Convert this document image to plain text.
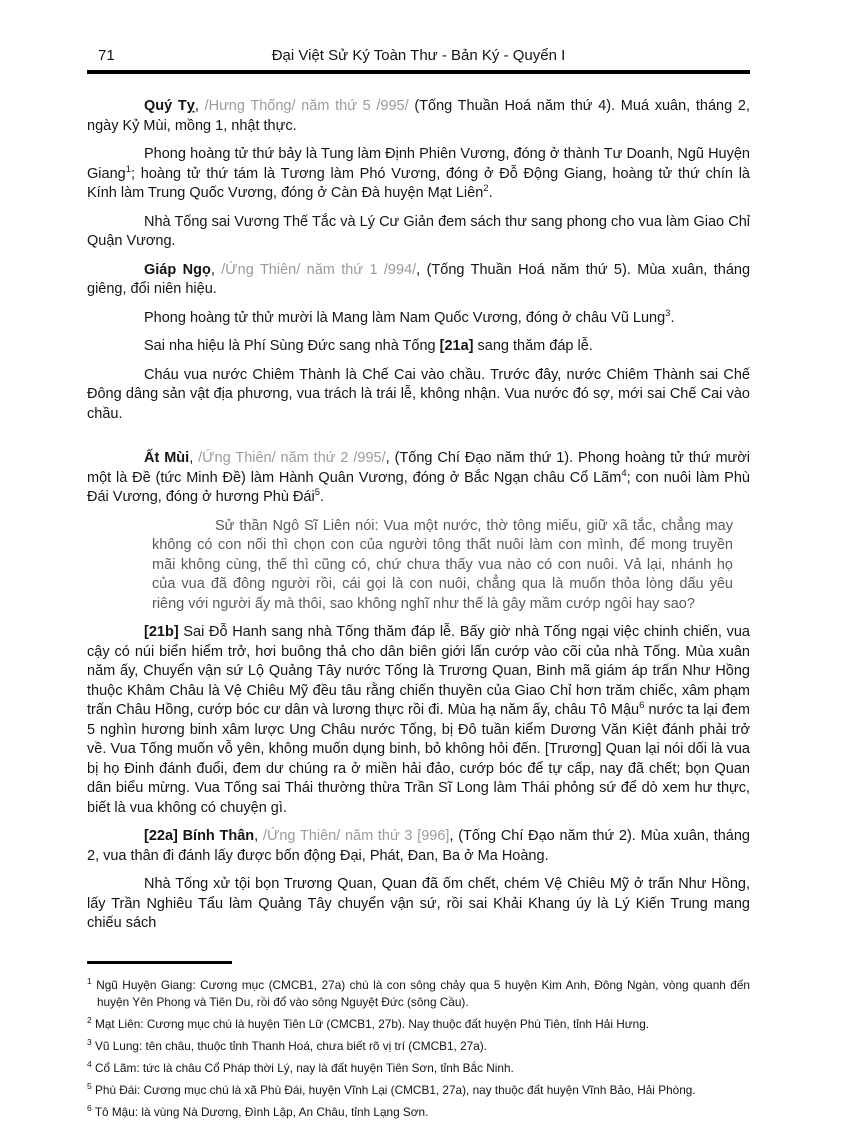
71	Đại Việt Sử Ký Toàn Thư - Bản Ký - Quyển I

Quý Tỵ, /Hưng Thống/ năm thứ 5 /995/ (Tống Thuần Hoá năm thứ 4). Muá xuân, tháng 2, ngày Kỷ Mùi, mồng 1, nhật thực.

Phong hoàng tử thứ bảy là Tung làm Định Phiên Vương, đóng ở thành Tư Doanh, Ngũ Huyện Giang$^1$; hoàng tử thứ tám là Tương làm Phó Vương, đóng ở Đỗ Động Giang, hoàng tử thứ chín là Kính làm Trung Quốc Vương, đóng ở Càn Đà huyện Mạt Liên$^2$.

Nhà Tống sai Vương Thế Tắc và Lý Cư Giản đem sách thư sang phong cho vua làm Giao Chỉ Quận Vương.

Giáp Ngọ, /Ứng Thiên/ năm thứ 1 /994/, (Tống Thuần Hoá năm thứ 5). Mùa xuân, tháng giêng, đổi niên hiệu.

Phong hoàng tử thử mười là Mang làm Nam Quốc Vương, đóng ở châu Vũ Lung$^3$.

Sai nha hiệu là Phí Sùng Đức sang nhà Tống [21a] sang thăm đáp lễ.

Cháu vua nước Chiêm Thành là Chế Cai vào chầu. Trước đây, nước Chiêm Thành sai Chế Đông dâng sản vật địa phương, vua trách là trái lễ, không nhận. Vua nước đó sợ, mới sai Chế Cai vào chầu.

Ất Mùi, /Ứng Thiên/ năm thứ 2 /995/, (Tống Chí Đạo năm thứ 1). Phong hoàng tử thứ mười một là Đề (tức Minh Đề) làm Hành Quân Vương, đóng ở Bắc Ngạn châu Cổ Lãm$^4$; con nuôi làm Phù Đái Vương, đóng ở hương Phù Đái$^5$.

Sử thần Ngô Sĩ Liên nói: Vua một nước, thờ tông miếu, giữ xã tắc, chẳng may không có con nối thì chọn con của người tông thất nuôi làm con mình, để mong truyền mãi không cùng, thế thì cũng có, chứ chưa thấy vua nào có con nuôi. Vả lại, nhánh họ của vua đã đông người rồi, cái gọi là con nuôi, chẳng qua là muốn thỏa lòng dấu yêu riêng với người ấy mà thôi, sao không nghĩ như thế là gây mầm cướp ngôi hay sao?

[21b] Sai Đỗ Hanh sang nhà Tống thăm đáp lễ. Bấy giờ nhà Tống ngại việc chinh chiến, vua cậy có núi biển hiểm trở, hơi buông thả cho dân biên giới lấn cướp vào cõi của nhà Tống. Mùa xuân năm ấy, Chuyển vận sứ Lộ Quảng Tây nước Tống là Trương Quan, Binh mã giám áp trấn Như Hồng thuộc Khâm Châu là Vệ Chiêu Mỹ đều tâu rằng chiến thuyền của Giao Chỉ hơn trăm chiếc, xâm phạm trấn Châu Hồng, cướp bóc cư dân và lương thực rồi đi. Mùa hạ năm ấy, châu Tô Mậu$^6$ nước ta lại đem 5 nghìn hương binh xâm lược Ung Châu nước Tống, bị Đô tuần kiểm Dương Văn Kiệt đánh phải trở về. Vua Tống muốn vỗ yên, không muốn dụng binh, bỏ không hỏi đến. [Trương] Quan lại nói dối là vua bị họ Đinh đánh đuổi, đem dư chúng ra ở miền hải đảo, cướp bóc để tự cấp, nay đã chết; bọn Quan dân biểu mừng. Vua Tống sai Thái thường thừa Trần Sĩ Long làm Thái phỏng sứ để dò xem hư thực, biết là vua không có chuyện gì.

[22a] Bính Thân, /Ứng Thiên/ năm thứ 3 [996], (Tống Chí Đạo năm thứ 2). Mùa xuân, tháng 2, vua thân đi đánh lấy được bốn động Đại, Phát, Đan, Ba ở Ma Hoàng.

Nhà Tống xử tội bọn Trương Quan, Quan đã ốm chết, chém Vệ Chiêu Mỹ ở trấn Như Hồng, lấy Trần Nghiêu Tẩu làm Quảng Tây chuyển vận sứ, rồi sai Khải Khang úy là Lý Kiến Trung mang chiếu sách

$^1$ Ngũ Huyện Giang: Cương mục (CMCB1, 27a) chú là con sông chảy qua 5 huyện Kim Anh, Đông Ngàn, vòng quanh đến huyện Yên Phong và Tiên Du, rồi đổ vào sông Nguyệt Đức (sông Cầu).
$^2$ Mạt Liên: Cương mục chú là huyện Tiên Lữ (CMCB1, 27b). Nay thuộc đất huyện Phù Tiên, tỉnh Hải Hưng.
$^3$ Vũ Lung: tên châu, thuộc tỉnh Thanh Hoá, chưa biết rõ vị trí (CMCB1, 27a).
$^4$ Cổ Lãm: tức là châu Cổ Pháp thời Lý, nay là đất huyện Tiên Sơn, tỉnh Bắc Ninh.
$^5$ Phù Đái: Cương mục chú là xã Phù Đái, huyện Vĩnh Lại (CMCB1, 27a), nay thuộc đất huyện Vĩnh Bảo, Hải Phòng.
$^6$ Tô Mậu: là vùng Nà Dương, Đình Lập, An Châu, tỉnh Lạng Sơn.
